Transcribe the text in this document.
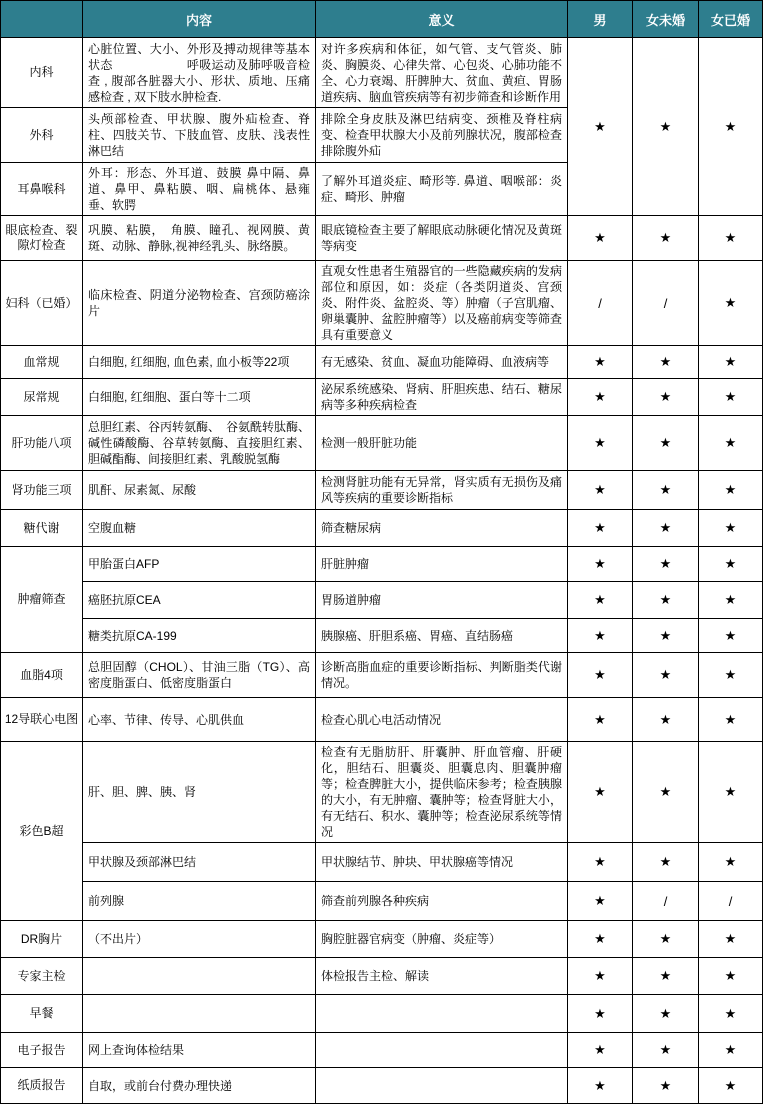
	内容	意义	男	女未婚	女已婚
内科	心脏位置、大小、外形及搏动规律等基本状态　　　　　　呼吸运动及肺呼吸音检查 , 腹部各脏器大小、形状、质地、压痛感检查 , 双下肢水肿检查.	对许多疾病和体征，如气管、支气管炎、肺炎、胸膜炎、心律失常、心包炎、心肺功能不全、心力衰竭、肝脾肿大、贫血、黄疸、胃肠道疾病、脑血管疾病等有初步筛查和诊断作用	★	★	★
外科	头颅部检查、甲状腺、腹外疝检查、脊柱、四肢关节、下肢血管、皮肤、浅表性淋巴结	排除全身皮肤及淋巴结病变、颈椎及脊柱病变、检查甲状腺大小及前列腺状况，腹部检查排除腹外疝			
耳鼻喉科	外耳：形态、外耳道、鼓膜 鼻中隔、鼻道、鼻甲、鼻粘膜、咽、扁桃体、悬雍垂、软腭	了解外耳道炎症、畸形等. 鼻道、咽喉部：炎症、畸形、肿瘤			
眼底检查、裂隙灯检查	巩膜、粘膜，　角膜、瞳孔、视网膜、黄斑、动脉、静脉,视神经乳头、脉络膜。	眼底镜检查主要了解眼底动脉硬化情况及黄斑等病变	★	★	★
妇科（已婚）	临床检查、阴道分泌物检查、宫颈防癌涂片	直观女性患者生殖器官的一些隐藏疾病的发病部位和原因，如：炎症（各类阴道炎、宫颈炎、附件炎、盆腔炎、等）肿瘤（子宫肌瘤、卵巢囊肿、盆腔肿瘤等）以及癌前病变等筛查具有重要意义	/	/	★
血常规	白细胞, 红细胞, 血色素, 血小板等22项	有无感染、贫血、凝血功能障碍、血液病等	★	★	★
尿常规	白细胞, 红细胞、蛋白等十二项	泌尿系统感染、肾病、肝胆疾患、结石、糖尿病等多种疾病检查	★	★	★
肝功能八项	总胆红素、谷丙转氨酶、　谷氨酰转肽酶、碱性磷酸酶、谷草转氨酶、直接胆红素、胆碱酯酶、间接胆红素、乳酸脱氢酶	检测一般肝脏功能	★	★	★
肾功能三项	肌酐、尿素氮、尿酸	检测肾脏功能有无异常，肾实质有无损伤及痛风等疾病的重要诊断指标	★	★	★
糖代谢	空腹血糖	筛查糖尿病	★	★	★
肿瘤筛查	甲胎蛋白AFP	肝脏肿瘤	★	★	★
	癌胚抗原CEA	胃肠道肿瘤	★	★	★
	糖类抗原CA-199	胰腺癌、肝胆系癌、胃癌、直结肠癌	★	★	★
血脂4项	总胆固醇（CHOL）、甘油三脂（TG）、高密度脂蛋白、低密度脂蛋白	诊断高脂血症的重要诊断指标、判断脂类代谢情况。	★	★	★
12导联心电图	心率、节律、传导、心肌供血	检查心肌心电活动情况	★	★	★
彩色B超	肝、胆、脾、胰、肾	检查有无脂肪肝、肝囊肿、肝血管瘤、肝硬化，胆结石、胆囊炎、胆囊息肉、胆囊肿瘤等；检查脾脏大小，提供临床参考；检查胰腺的大小，有无肿瘤、囊肿等；检查肾脏大小，有无结石、积水、囊肿等；检查泌尿系统等情况	★	★	★
	甲状腺及颈部淋巴结	甲状腺结节、肿块、甲状腺癌等情况	★	★	★
	前列腺	筛查前列腺各种疾病	★	/	/
DR胸片	（不出片）	胸腔脏器官病变（肿瘤、炎症等）	★	★	★
专家主检		体检报告主检、解读	★	★	★
早餐			★	★	★
电子报告	网上查询体检结果		★	★	★
纸质报告	自取，或前台付费办理快递		★	★	★
